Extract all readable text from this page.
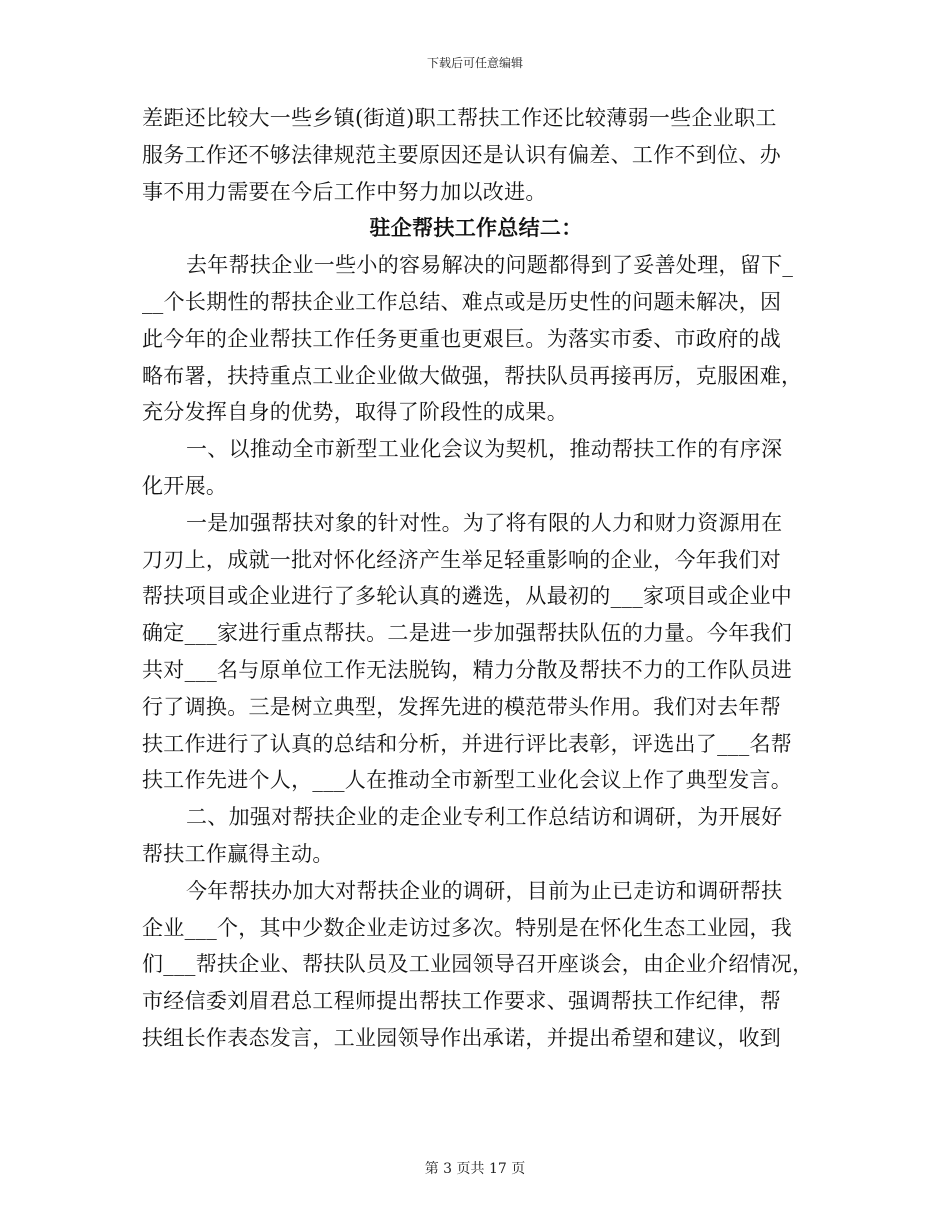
下载后可任意编辑
差距还比较大一些乡镇(街道)职工帮扶工作还比较薄弱一些企业职工
服务工作还不够法律规范主要原因还是认识有偏差、工作不到位、办
事不用力需要在今后工作中努力加以改进。
驻企帮扶工作总结二：
去年帮扶企业一些小的容易解决的问题都得到了妥善处理，留下_
__个长期性的帮扶企业工作总结、难点或是历史性的问题未解决，因
此今年的企业帮扶工作任务更重也更艰巨。为落实市委、市政府的战
略布署，扶持重点工业企业做大做强，帮扶队员再接再厉，克服困难，
充分发挥自身的优势，取得了阶段性的成果。
一、以推动全市新型工业化会议为契机，推动帮扶工作的有序深
化开展。
一是加强帮扶对象的针对性。为了将有限的人力和财力资源用在
刀刃上，成就一批对怀化经济产生举足轻重影响的企业，今年我们对
帮扶项目或企业进行了多轮认真的遴选，从最初的___家项目或企业中
确定___家进行重点帮扶。二是进一步加强帮扶队伍的力量。今年我们
共对___名与原单位工作无法脱钩，精力分散及帮扶不力的工作队员进
行了调换。三是树立典型，发挥先进的模范带头作用。我们对去年帮
扶工作进行了认真的总结和分析，并进行评比表彰，评选出了___名帮
扶工作先进个人，___人在推动全市新型工业化会议上作了典型发言。
二、加强对帮扶企业的走企业专利工作总结访和调研，为开展好
帮扶工作赢得主动。
今年帮扶办加大对帮扶企业的调研，目前为止已走访和调研帮扶
企业___个，其中少数企业走访过多次。特别是在怀化生态工业园，我
们___帮扶企业、帮扶队员及工业园领导召开座谈会，由企业介绍情况，
市经信委刘眉君总工程师提出帮扶工作要求、强调帮扶工作纪律，帮
扶组长作表态发言，工业园领导作出承诺，并提出希望和建议，收到
第 3 页共 17 页
